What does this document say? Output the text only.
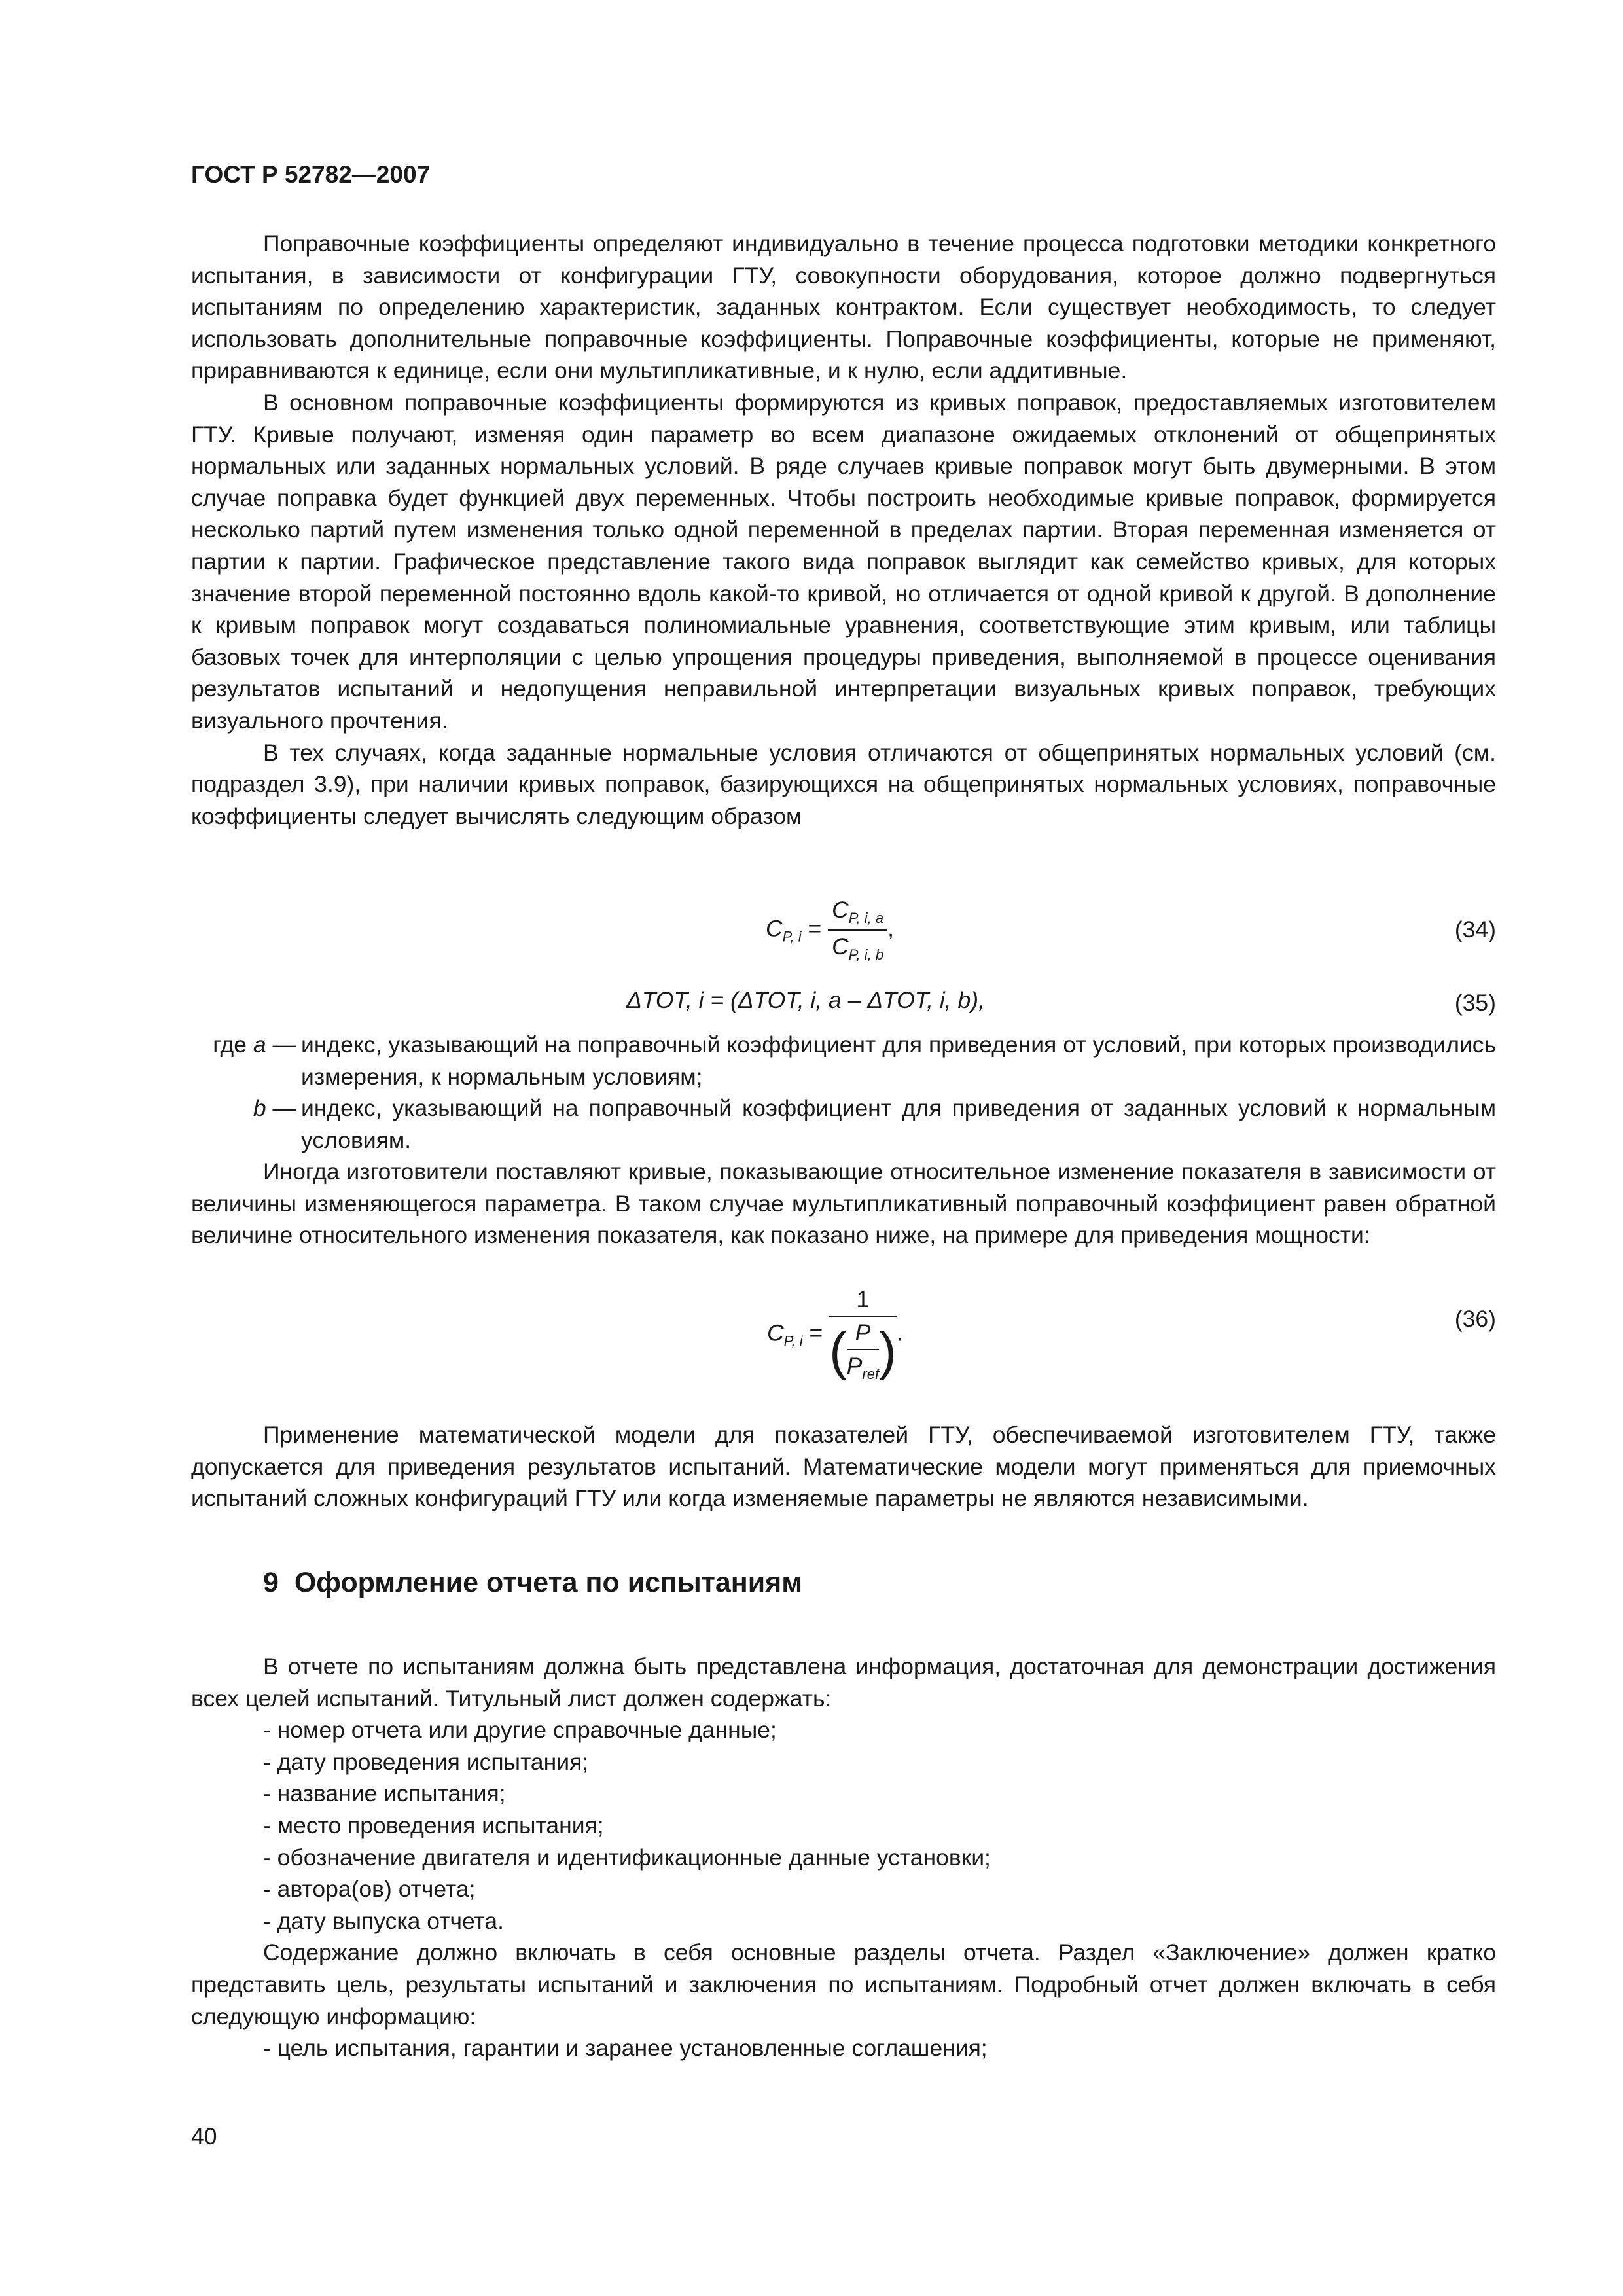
ГОСТ Р 52782—2007

Поправочные коэффициенты определяют индивидуально в течение процесса подготовки методики конкретного испытания, в зависимости от конфигурации ГТУ, совокупности оборудования, которое должно подвергнуться испытаниям по определению характеристик, заданных контрактом. Если существует необходимость, то следует использовать дополнительные поправочные коэффициенты. Поправочные коэффициенты, которые не применяют, приравниваются к единице, если они мультипликативные, и к нулю, если аддитивные.

В основном поправочные коэффициенты формируются из кривых поправок, предоставляемых изготовителем ГТУ. Кривые получают, изменяя один параметр во всем диапазоне ожидаемых отклонений от общепринятых нормальных или заданных нормальных условий. В ряде случаев кривые поправок могут быть двумерными. В этом случае поправка будет функцией двух переменных. Чтобы построить необходимые кривые поправок, формируется несколько партий путем изменения только одной переменной в пределах партии. Вторая переменная изменяется от партии к партии. Графическое представление такого вида поправок выглядит как семейство кривых, для которых значение второй переменной постоянно вдоль какой-то кривой, но отличается от одной кривой к другой. В дополнение к кривым поправок могут создаваться полиномиальные уравнения, соответствующие этим кривым, или таблицы базовых точек для интерполяции с целью упрощения процедуры приведения, выполняемой в процессе оценивания результатов испытаний и недопущения неправильной интерпретации визуальных кривых поправок, требующих визуального прочтения.

В тех случаях, когда заданные нормальные условия отличаются от общепринятых нормальных условий (см. подраздел 3.9), при наличии кривых поправок, базирующихся на общепринятых нормальных условиях, поправочные коэффициенты следует вычислять следующим образом

$C_{P, i} = \frac{C_{P, i, a}}{C_{P, i, b}}$ ,	(34)
ΔTOT, i = (ΔTOT, i, a – ΔTOT, i, b),	(35)
где a — индекс, указывающий на поправочный коэффициент для приведения от условий, при которых производились измерения, к нормальным условиям;
b — индекс, указывающий на поправочный коэффициент для приведения от заданных условий к нормальным условиям.

Иногда изготовители поставляют кривые, показывающие относительное изменение показателя в зависимости от величины изменяющегося параметра. В таком случае мультипликативный поправочный коэффициент равен обратной величине относительного изменения показателя, как показано ниже, на примере для приведения мощности:

$C_{P, i} = \frac{1}{( \frac{P}{P_{ref}} )}$ .
(36)

Применение математической модели для показателей ГТУ, обеспечиваемой изготовителем ГТУ, также допускается для приведения результатов испытаний. Математические модели могут применяться для приемочных испытаний сложных конфигураций ГТУ или когда изменяемые параметры не являются независимыми.

9 Оформление отчета по испытаниям

В отчете по испытаниям должна быть представлена информация, достаточная для демонстрации достижения всех целей испытаний. Титульный лист должен содержать:

- номер отчета или другие справочные данные;
- дату проведения испытания;
- название испытания;
- место проведения испытания;
- обозначение двигателя и идентификационные данные установки;
- автора(ов) отчета;
- дату выпуска отчета.

Содержание должно включать в себя основные разделы отчета. Раздел «Заключение» должен кратко представить цель, результаты испытаний и заключения по испытаниям. Подробный отчет должен включать в себя следующую информацию:

- цель испытания, гарантии и заранее установленные соглашения;
40
